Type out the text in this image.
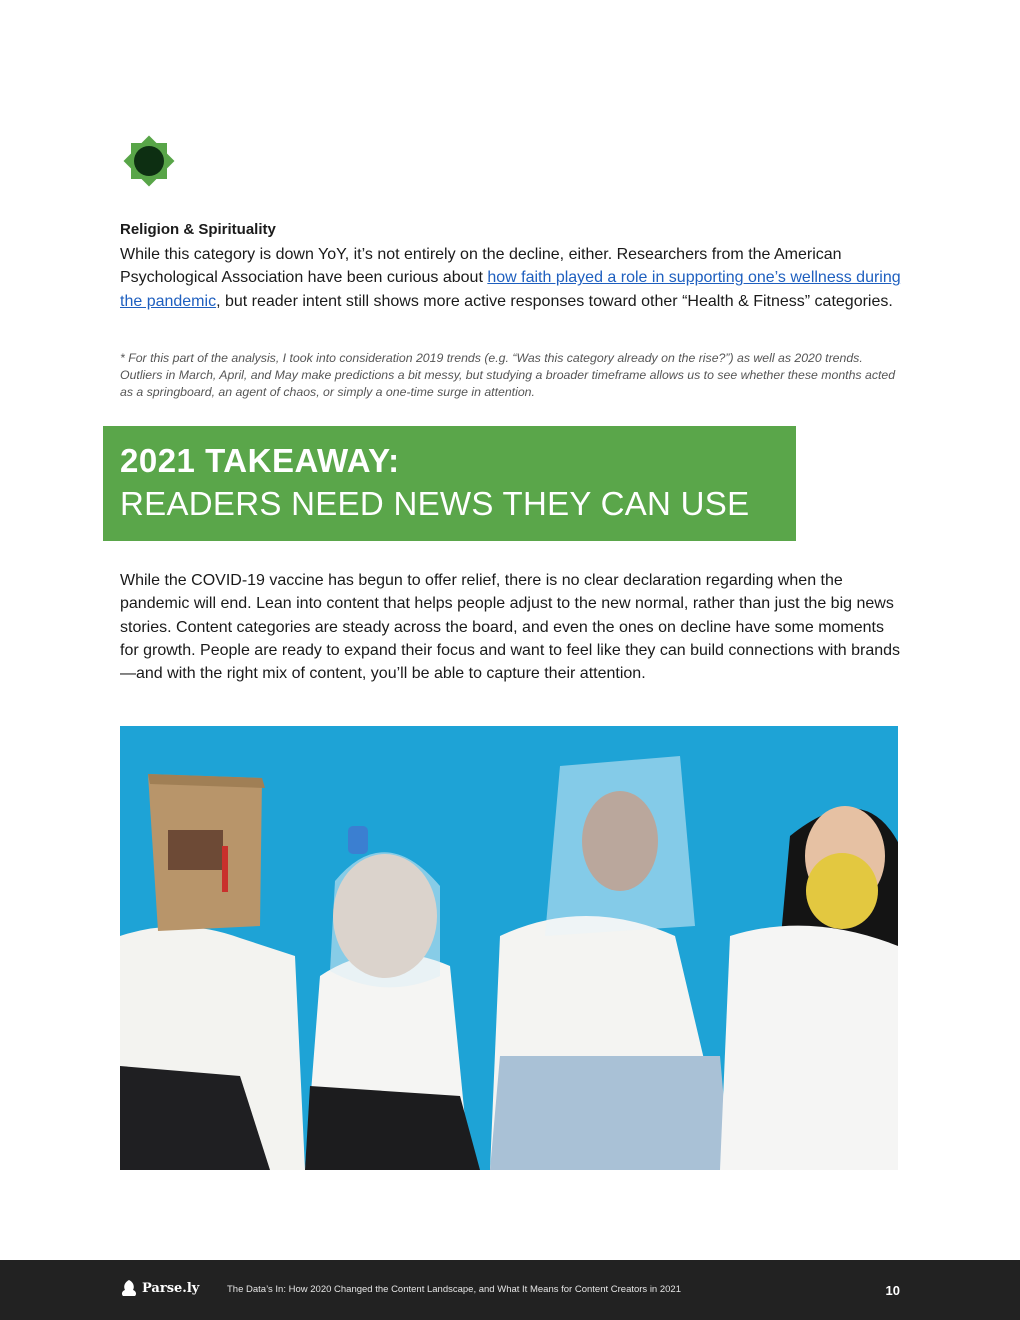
Religion & Spirituality
While this category is down YoY, it’s not entirely on the decline, either. Researchers from the American Psychological Association have been curious about how faith played a role in supporting one’s wellness during the pandemic, but reader intent still shows more active responses toward other “Health & Fitness” categories.
* For this part of the analysis, I took into consideration 2019 trends (e.g. “Was this category already on the rise?”) as well as 2020 trends. Outliers in March, April, and May make predictions a bit messy, but studying a broader timeframe allows us to see whether these months acted as a springboard, an agent of chaos, or simply a one-time surge in attention.
2021 TAKEAWAY:
READERS NEED NEWS THEY CAN USE
While the COVID-19 vaccine has begun to offer relief, there is no clear declaration regarding when the pandemic will end. Lean into content that helps people adjust to the new normal, rather than just the big news stories. Content categories are steady across the board, and even the ones on decline have some moments for growth. People are ready to expand their focus and want to feel like they can build connections with brands—and with the right mix of content, you’ll be able to capture their attention.
Parse.ly	The Data’s In: How 2020 Changed the Content Landscape, and What It Means for Content Creators in 2021	10
